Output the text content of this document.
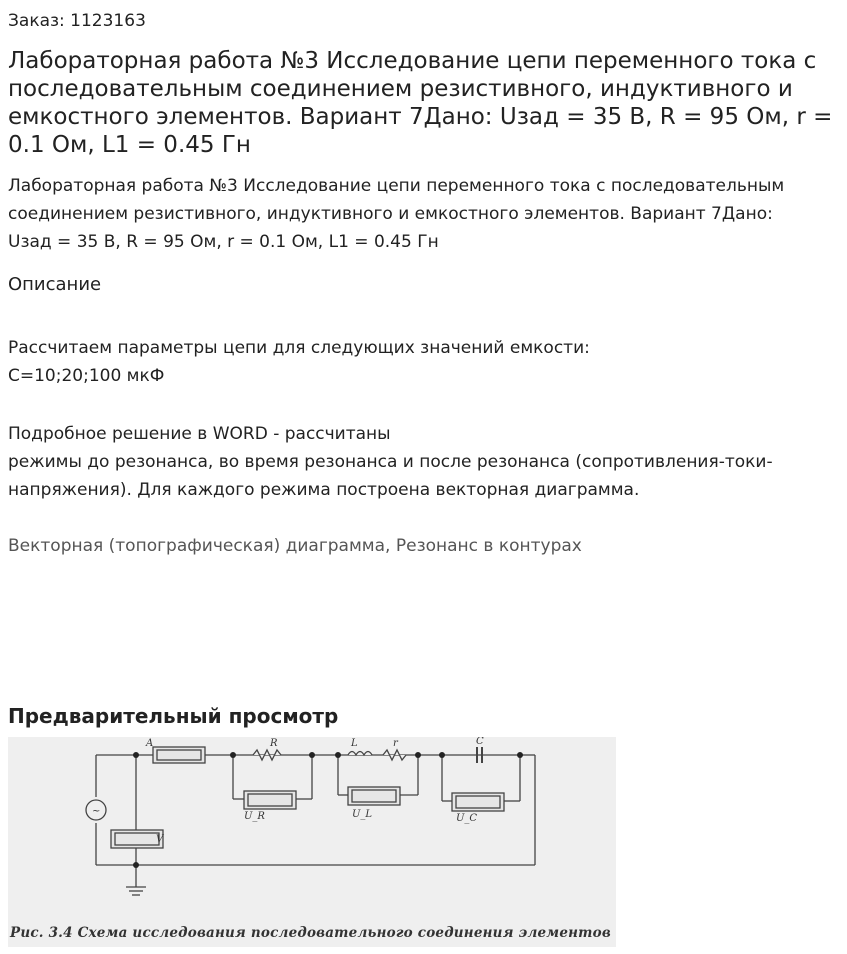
Заказ: 1123163
Лабораторная работа №3 Исследование цепи переменного тока с последовательным соединением резистивного, индуктивного и емкостного элементов. Вариант 7Дано: Uзад = 35 В, R = 95 Ом, r = 0.1 Ом, L1 = 0.45 Гн

Лабораторная работа №3 Исследование цепи переменного тока с последовательным соединением резистивного, индуктивного и емкостного элементов. Вариант 7Дано: Uзад = 35 В, R = 95 Ом, r = 0.1 Ом, L1 = 0.45 Гн

Описание

Рассчитаем параметры цепи для следующих значений емкости:
С=10;20;100 мкФ

Подробное решение в WORD - рассчитаны
режимы до резонанса, во время резонанса и после резонанса (сопротивления-токи-напряжения). Для каждого режима построена векторная диаграмма.

Векторная (топографическая) диаграмма, Резонанс в контурах

Предварительный просмотр
~
A
V
R
U_R
L	r
U_L
C
U_C
Рис. 3.4 Схема исследования последовательного соединения элементов
